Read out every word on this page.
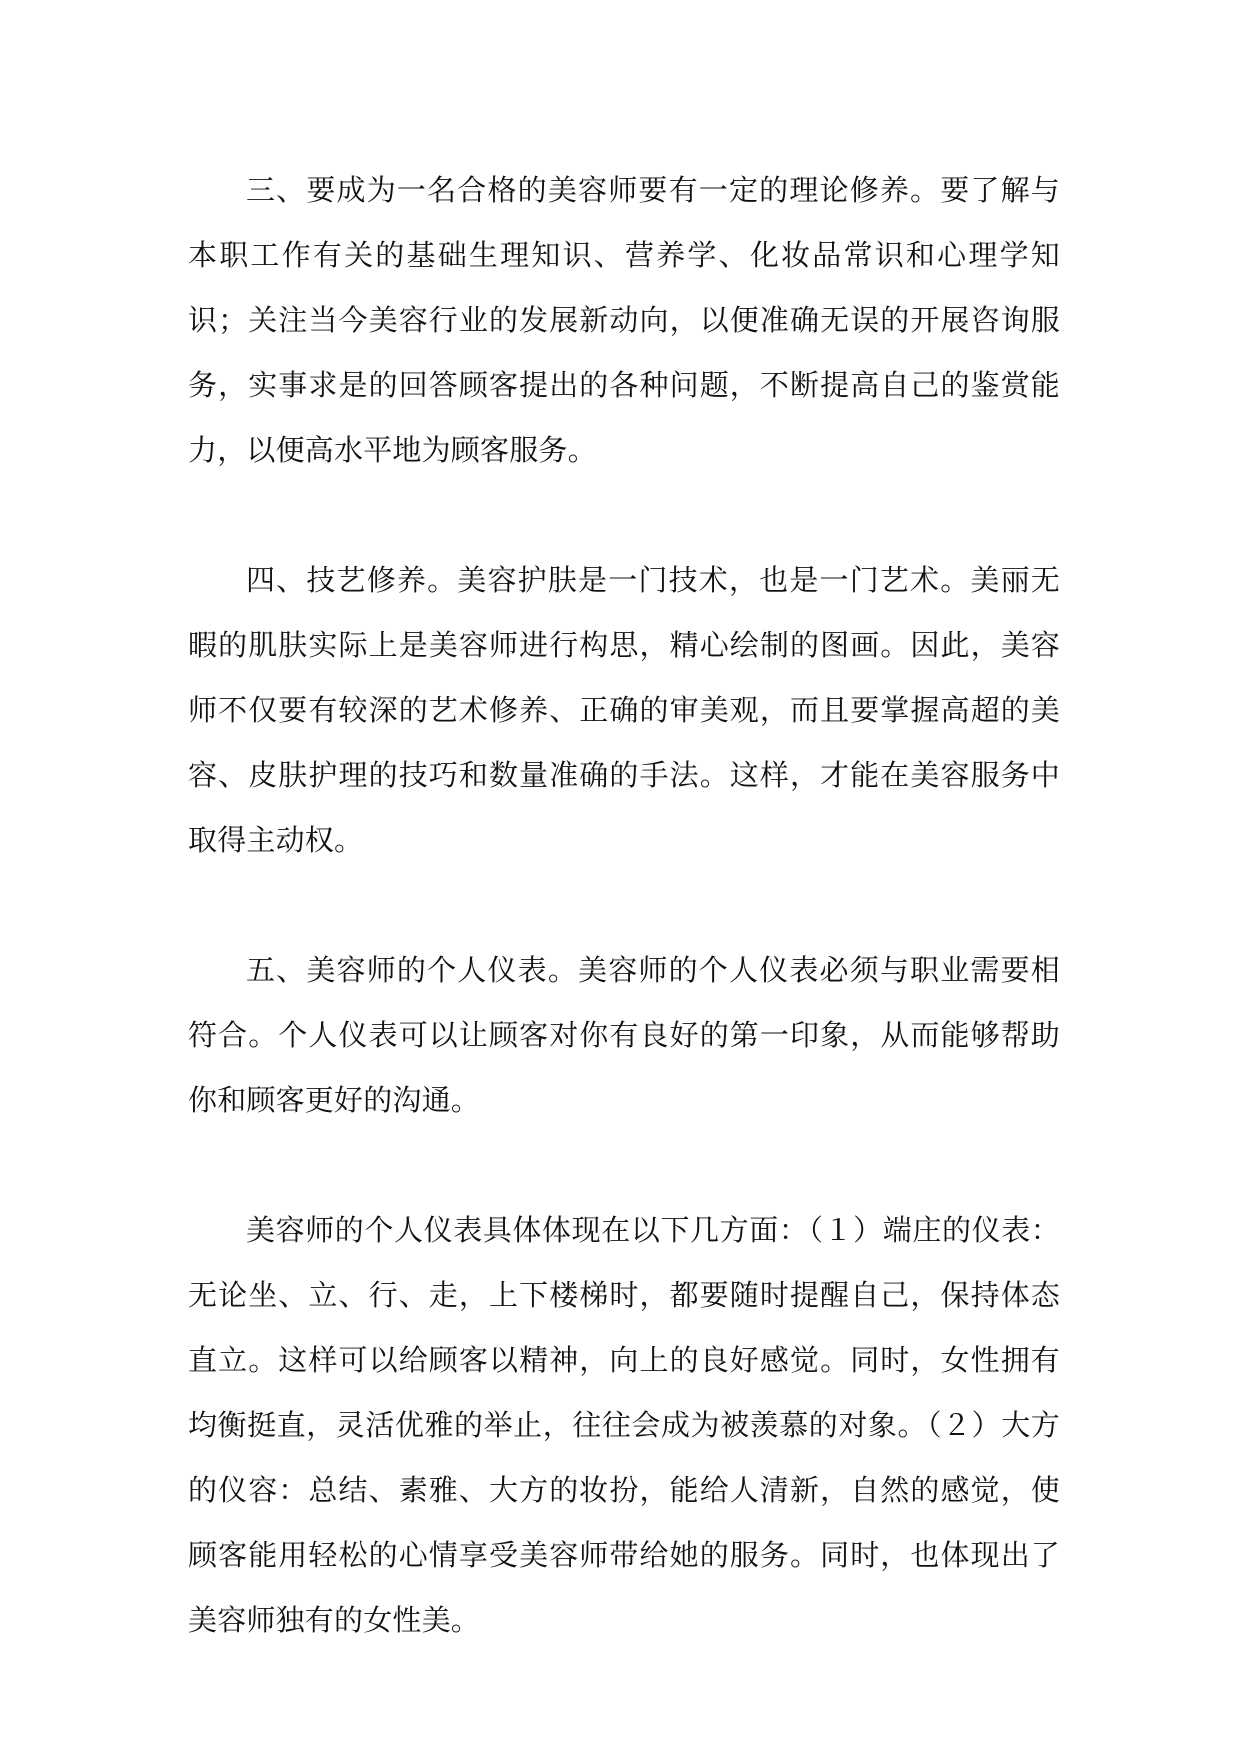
三、要成为一名合格的美容师要有一定的理论修养。要了解与本职工作有关的基础生理知识、营养学、化妆品常识和心理学知识；关注当今美容行业的发展新动向，以便准确无误的开展咨询服务，实事求是的回答顾客提出的各种问题，不断提高自己的鉴赏能力，以便高水平地为顾客服务。

四、技艺修养。美容护肤是一门技术，也是一门艺术。美丽无暇的肌肤实际上是美容师进行构思，精心绘制的图画。因此，美容师不仅要有较深的艺术修养、正确的审美观，而且要掌握高超的美容、皮肤护理的技巧和数量准确的手法。这样，才能在美容服务中取得主动权。

五、美容师的个人仪表。美容师的个人仪表必须与职业需要相符合。个人仪表可以让顾客对你有良好的第一印象，从而能够帮助你和顾客更好的沟通。

美容师的个人仪表具体体现在以下几方面：（１）端庄的仪表：无论坐、立、行、走，上下楼梯时，都要随时提醒自己，保持体态直立。这样可以给顾客以精神，向上的良好感觉。同时，女性拥有均衡挺直，灵活优雅的举止，往往会成为被羡慕的对象。（２）大方的仪容：总结、素雅、大方的妆扮，能给人清新，自然的感觉，使顾客能用轻松的心情享受美容师带给她的服务。同时，也体现出了美容师独有的女性美。
